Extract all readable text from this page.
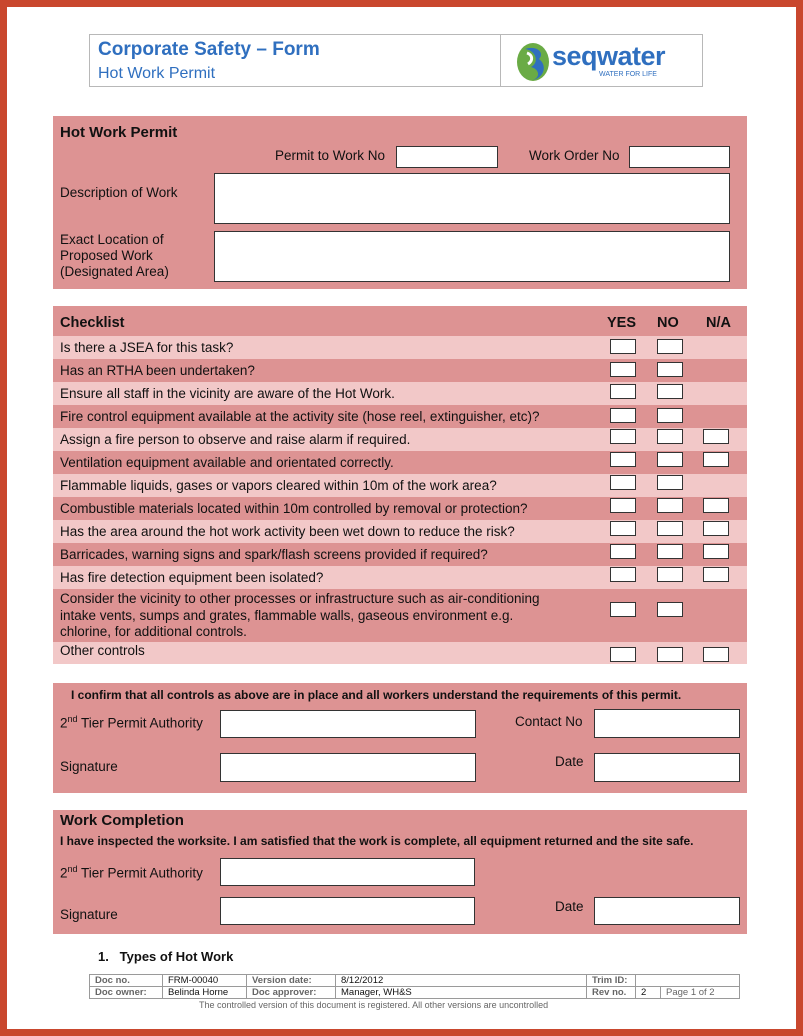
Corporate Safety – Form
Hot Work Permit
seqwater
WATER FOR LIFE
Hot Work Permit
Permit to Work No	Work Order No
Description of Work
Exact Location of
Proposed Work
(Designated Area)
Checklist	YES NO N/A
Is there a JSEA for this task?
Has an RTHA been undertaken?
Ensure all staff in the vicinity are aware of the Hot Work.
Fire control equipment available at the activity site (hose reel, extinguisher, etc)?
Assign a fire person to observe and raise alarm if required.
Ventilation equipment available and orientated correctly.
Flammable liquids, gases or vapors cleared within 10m of the work area?
Combustible materials located within 10m controlled by removal or protection?
Has the area around the hot work activity been wet down to reduce the risk?
Barricades, warning signs and spark/flash screens provided if required?
Has fire detection equipment been isolated?
Consider the vicinity to other processes or infrastructure such as air-conditioning
intake vents, sumps and grates, flammable walls, gaseous environment e.g.
chlorine, for additional controls.
Other controls
I confirm that all controls as above are in place and all workers understand the requirements of this permit.
2nd Tier Permit Authority	Contact No
Signature	Date
Work Completion
I have inspected the worksite. I am satisfied that the work is complete, all equipment returned and the site safe.
2nd Tier Permit Authority
Signature
Date
1.   Types of Hot Work
Doc no.	FRM-00040	Version date:	8/12/2012	Trim ID:		
Doc owner:	Belinda Horne	Doc approver:	Manager, WH&S	Rev no.	2	Page 1 of 2
The controlled version of this document is registered. All other versions are uncontrolled
